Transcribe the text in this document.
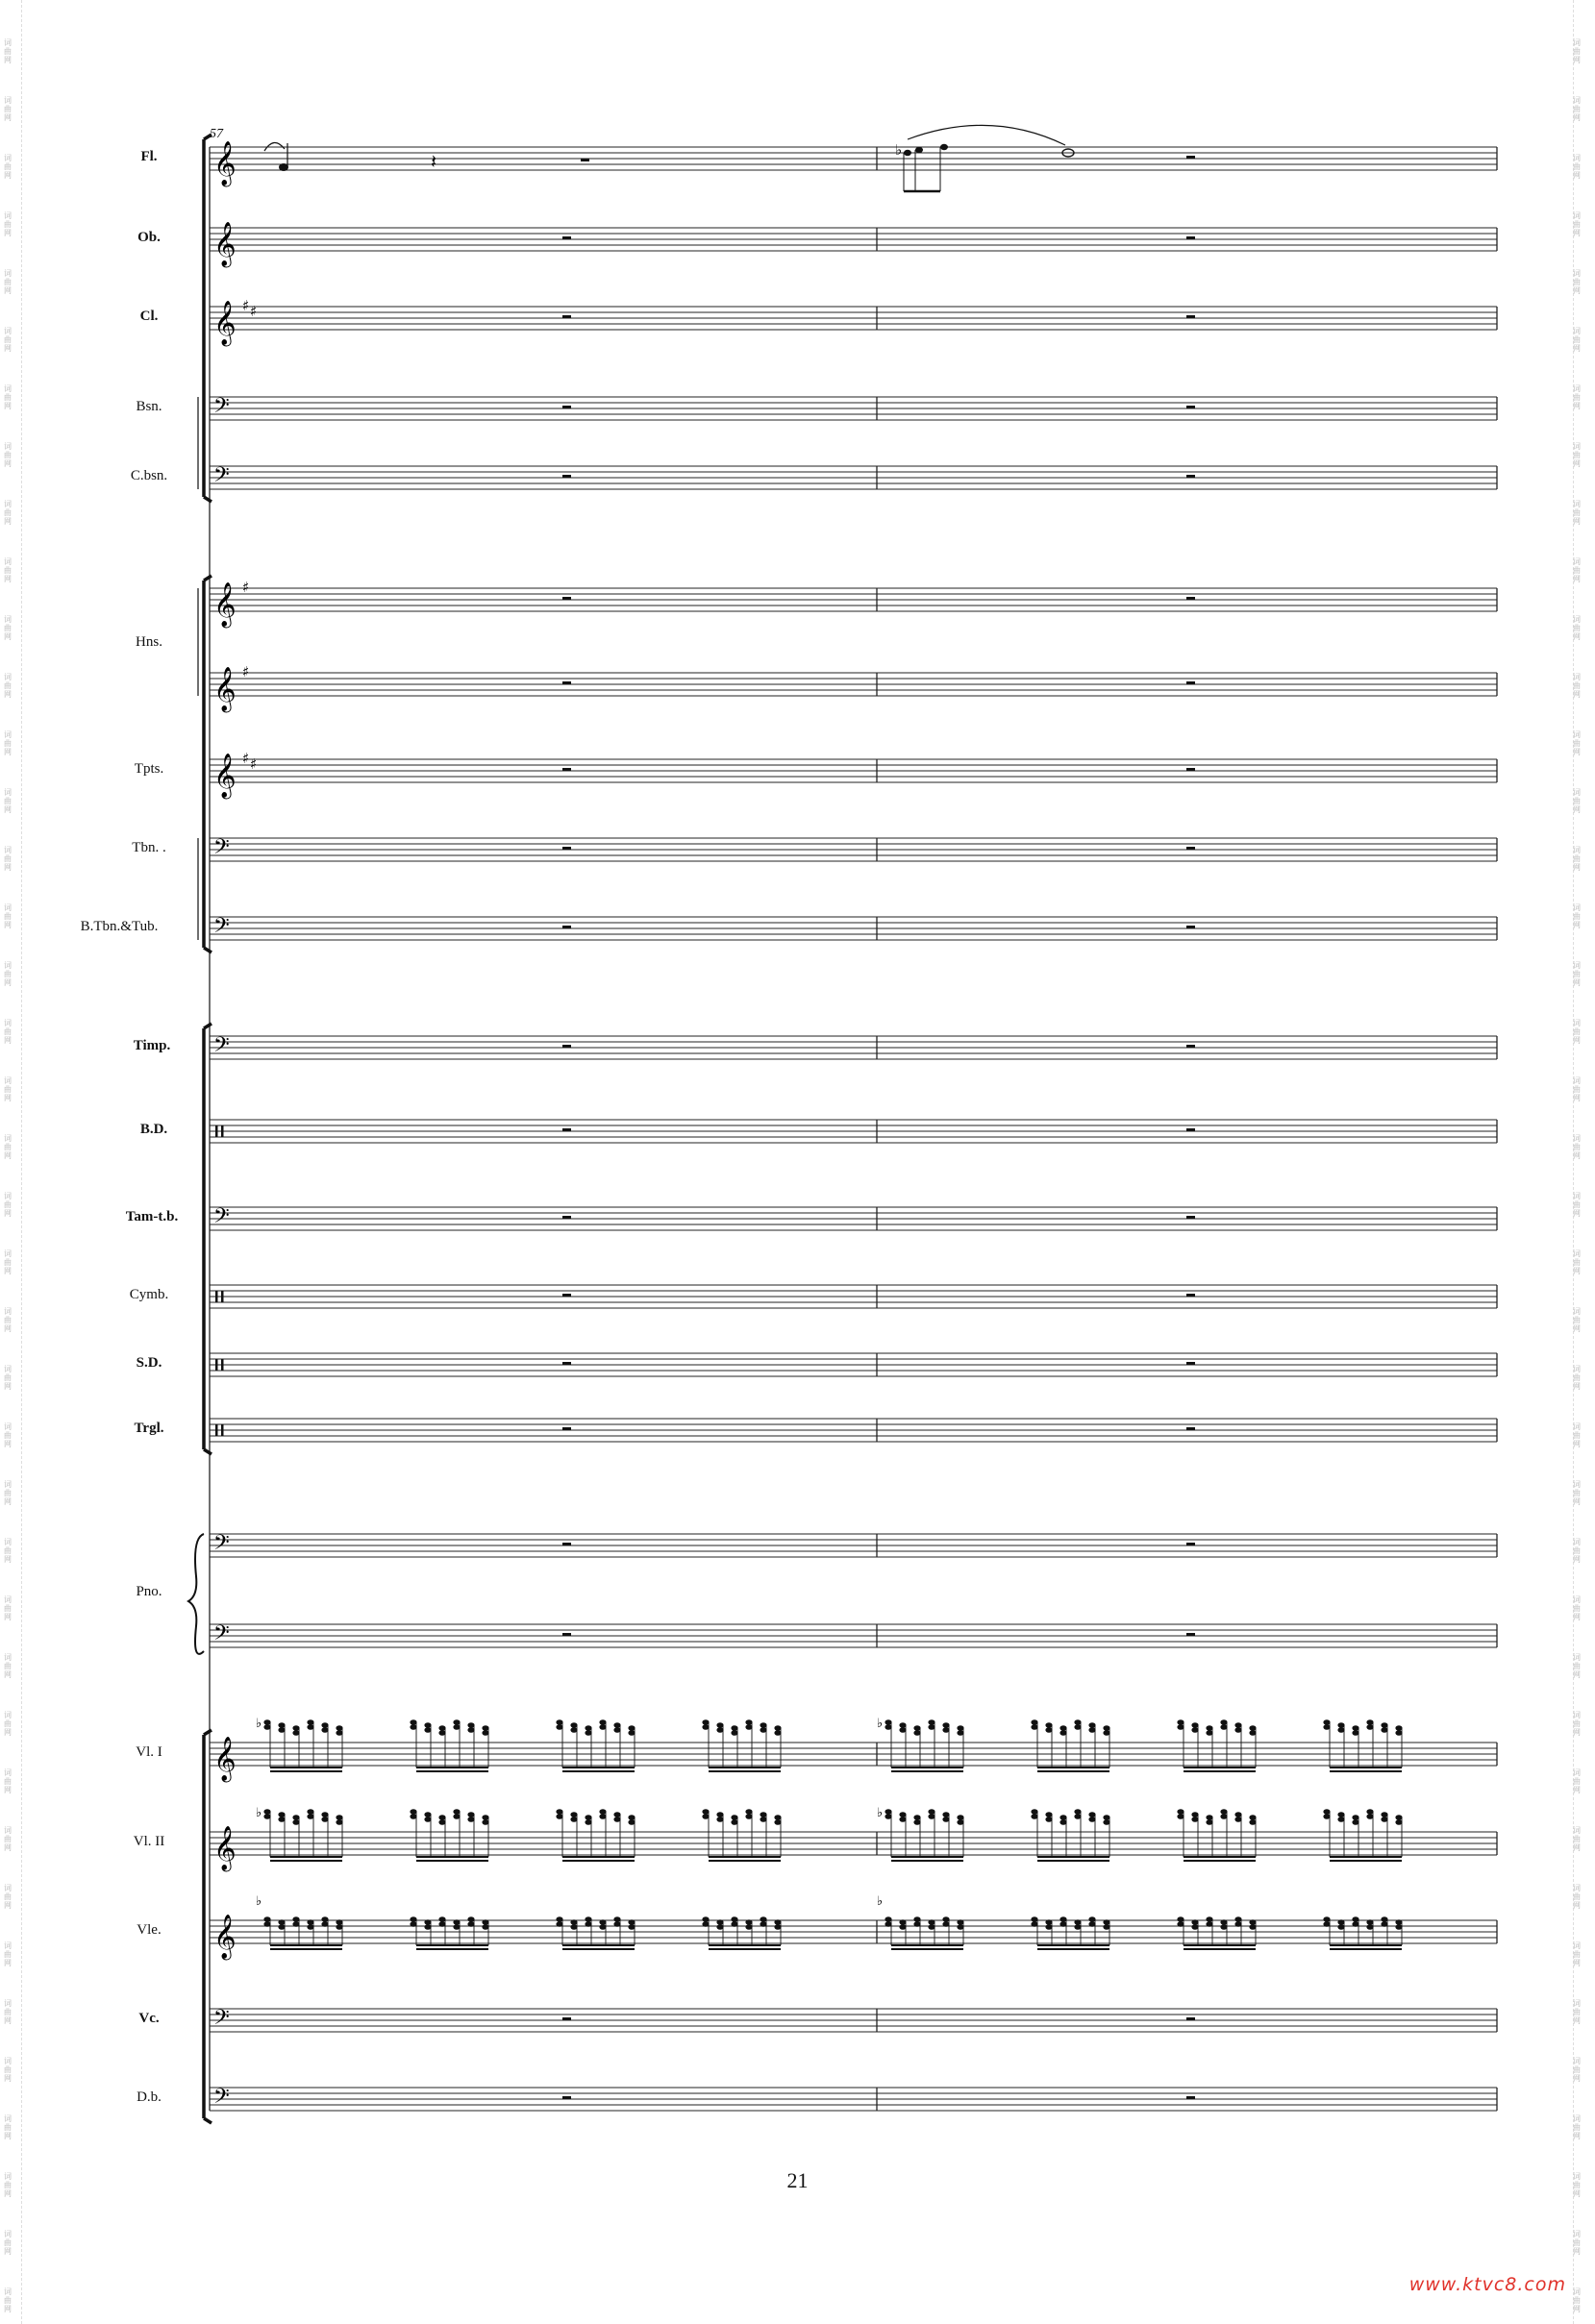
𝄞	𝄽	♭
𝄞
𝄞 ♯ ♯
𝄢
𝄢
𝄞 ♯
𝄞 ♯
𝄞 ♯ ♯
𝄢
𝄢
𝄢
𝄢
𝄢
𝄢
𝄞
♭	♭
𝄞
♭	♭
𝄞
♭	♭
𝄢
𝄢
Fl.
Ob.
Cl.
Bsn.
C.bsn.
Tpts.
Tbn. .
B.Tbn.&Tub.
Timp.
B.D.
Tam-t.b.
Cymb.
S.D.
Trgl.
Vl. I
Vl. II
Vle.
Vc.
D.b.
Hns.
Pno.
57
21
www.ktvc8.com
词
曲
网
词
曲
网
词
曲
网
词
曲
网
词
曲
网
词
曲
网
词
曲
网
词
曲
网
词
曲
网
词
曲
网
词
曲
网
词
曲
网
词
曲
网
词
曲
网
词
曲
网
词
曲
网
词
曲
网
词
曲
网
词
曲
网
词
曲
网
词
曲
网
词
曲
网
词
曲
网
词
曲
网
词
曲
网
词
曲
网
词
曲
网
词
曲
网
词
曲
网
词
曲
网
词
曲
网
词
曲
网
词
曲
网
词
曲
网
词
曲
网
词
曲
网
词
曲
网
词
曲
网
词
曲
网
词
曲
网
词
曲
网
词
曲
网
词
曲
网
词
曲
网
词
曲
网
词
曲
网
词
曲
网
词
曲
网
词
曲
网
词
曲
网
词
曲
网
词
曲
网
词
曲
网
词
曲
网
词
曲
网
词
曲
网
词
曲
网
词
曲
网
词
曲
网
词
曲
网
词
曲
网
词
曲
网
词
曲
网
词
曲
网
词
曲
网
词
曲
网
词
曲
网
词
曲
网
词
曲
网
词
曲
网
词
曲
网
词
曲
网
词
曲
网
词
曲
网
词
曲
网
词
曲
网
词
曲
网
词
曲
网
词
曲
网
词
曲
网
